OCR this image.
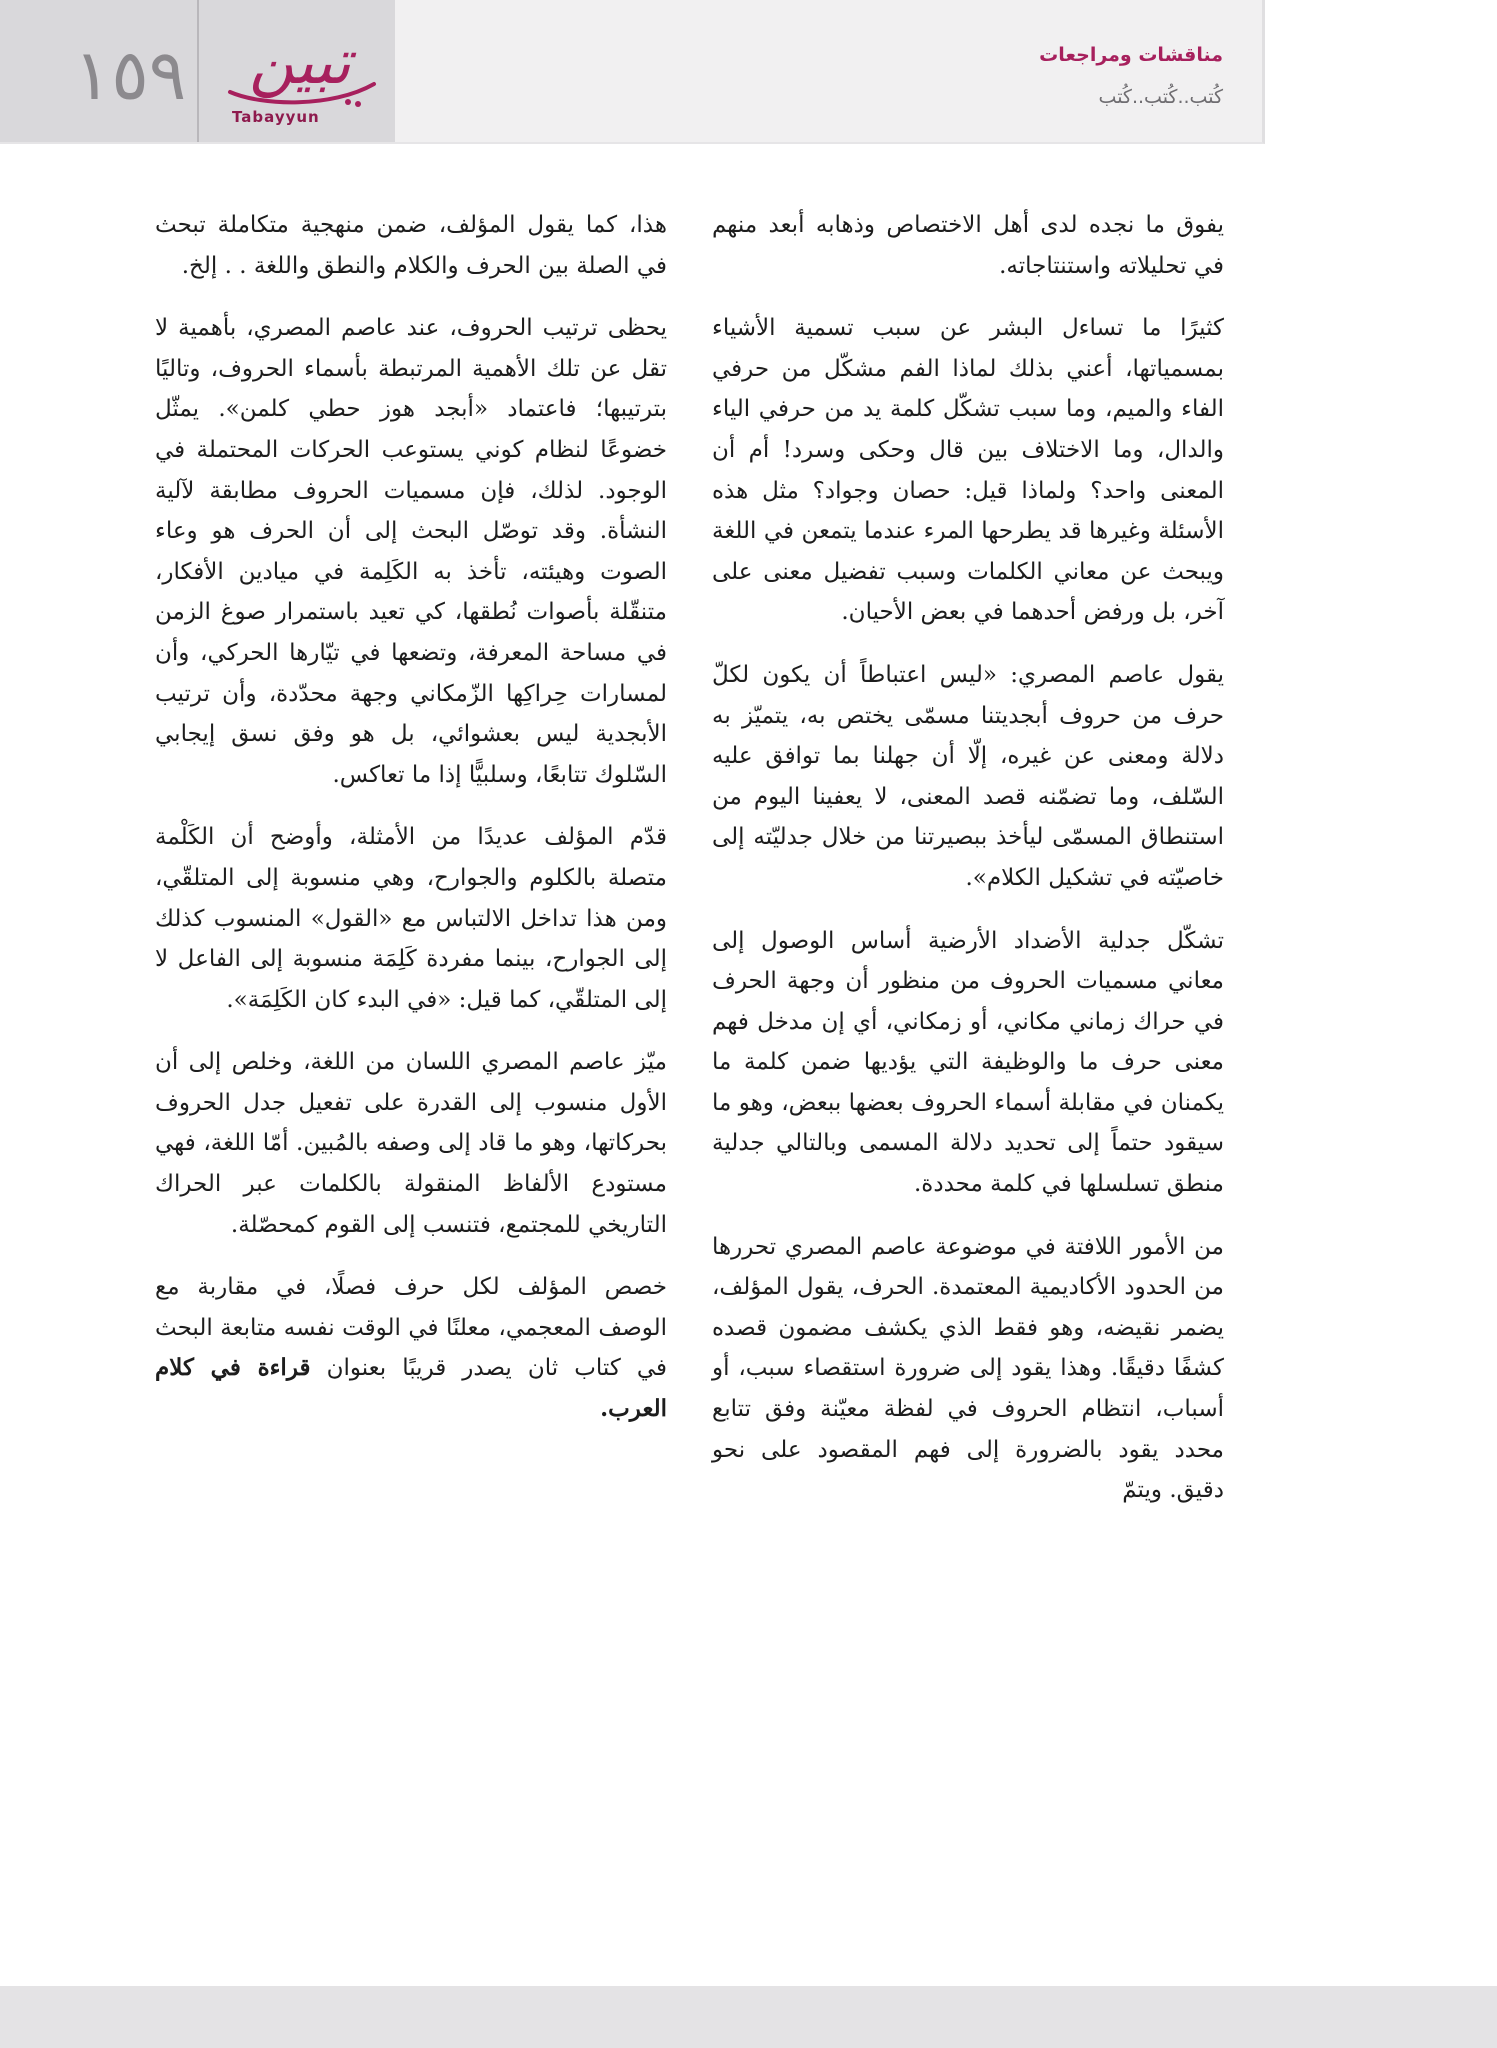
١٥٩	تبين
Tabayyun
مناقشات ومراجعات
كُتب..كُتب..كُتب

يفوق ما نجده لدى أهل الاختصاص وذهابه أبعد منهم في تحليلاته واستنتاجاته.

كثيرًا ما تساءل البشر عن سبب تسمية الأشياء بمسمياتها، أعني بذلك لماذا الفم مشكّل من حرفي الفاء والميم، وما سبب تشكّل كلمة يد من حرفي الياء والدال، وما الاختلاف بين قال وحكى وسرد! أم أن المعنى واحد؟ ولماذا قيل: حصان وجواد؟ مثل هذه الأسئلة وغيرها قد يطرحها المرء عندما يتمعن في اللغة ويبحث عن معاني الكلمات وسبب تفضيل معنى على آخر، بل ورفض أحدهما في بعض الأحيان.

يقول عاصم المصري: «ليس اعتباطاً أن يكون لكلّ حرف من حروف أبجديتنا مسمّى يختص به، يتميّز به دلالة ومعنى عن غيره، إلّا أن جهلنا بما توافق عليه السّلف، وما تضمّنه قصد المعنى، لا يعفينا اليوم من استنطاق المسمّى ليأخذ ببصيرتنا من خلال جدليّته إلى خاصيّته في تشكيل الكلام».

تشكّل جدلية الأضداد الأرضية أساس الوصول إلى معاني مسميات الحروف من منظور أن وجهة الحرف في حراك زماني مكاني، أو زمكاني، أي إن مدخل فهم معنى حرف ما والوظيفة التي يؤديها ضمن كلمة ما يكمنان في مقابلة أسماء الحروف بعضها ببعض، وهو ما سيقود حتماً إلى تحديد دلالة المسمى وبالتالي جدلية منطق تسلسلها في كلمة محددة.

من الأمور اللافتة في موضوعة عاصم المصري تحررها من الحدود الأكاديمية المعتمدة. الحرف، يقول المؤلف، يضمر نقيضه، وهو فقط الذي يكشف مضمون قصده كشفًا دقيقًا. وهذا يقود إلى ضرورة استقصاء سبب، أو أسباب، انتظام الحروف في لفظة معيّنة وفق تتابع محدد يقود بالضرورة إلى فهم المقصود على نحو دقيق. ويتمّ

هذا، كما يقول المؤلف، ضمن منهجية متكاملة تبحث في الصلة بين الحرف والكلام والنطق واللغة . . إلخ.

يحظى ترتيب الحروف، عند عاصم المصري، بأهمية لا تقل عن تلك الأهمية المرتبطة بأسماء الحروف، وتاليًا بترتيبها؛ فاعتماد «أبجد هوز حطي كلمن». يمثّل خضوعًا لنظام كوني يستوعب الحركات المحتملة في الوجود. لذلك، فإن مسميات الحروف مطابقة لآلية النشأة. وقد توصّل البحث إلى أن الحرف هو وعاء الصوت وهيئته، تأخذ به الكَلِمة في ميادين الأفكار، متنقّلة بأصوات نُطقها، كي تعيد باستمرار صوغ الزمن في مساحة المعرفة، وتضعها في تيّارها الحركي، وأن لمسارات حِراكِها الزّمكاني وجهة محدّدة، وأن ترتيب الأبجدية ليس بعشوائي، بل هو وفق نسق إيجابي السّلوك تتابعًا، وسلبيًّا إذا ما تعاكس.

قدّم المؤلف عديدًا من الأمثلة، وأوضح أن الكَلْمة متصلة بالكلوم والجوارح، وهي منسوبة إلى المتلقّي، ومن هذا تداخل الالتباس مع «القول» المنسوب كذلك إلى الجوارح، بينما مفردة كَلِمَة منسوبة إلى الفاعل لا إلى المتلقّي، كما قيل: «في البدء كان الكَلِمَة».

ميّز عاصم المصري اللسان من اللغة، وخلص إلى أن الأول منسوب إلى القدرة على تفعيل جدل الحروف بحركاتها، وهو ما قاد إلى وصفه بالمُبين. أمّا اللغة، فهي مستودع الألفاظ المنقولة بالكلمات عبر الحراك التاريخي للمجتمع، فتنسب إلى القوم كمحصّلة.

خصص المؤلف لكل حرف فصلًا، في مقاربة مع الوصف المعجمي، معلنًا في الوقت نفسه متابعة البحث في كتاب ثان يصدر قريبًا بعنوان قراءة في كلام العرب.
